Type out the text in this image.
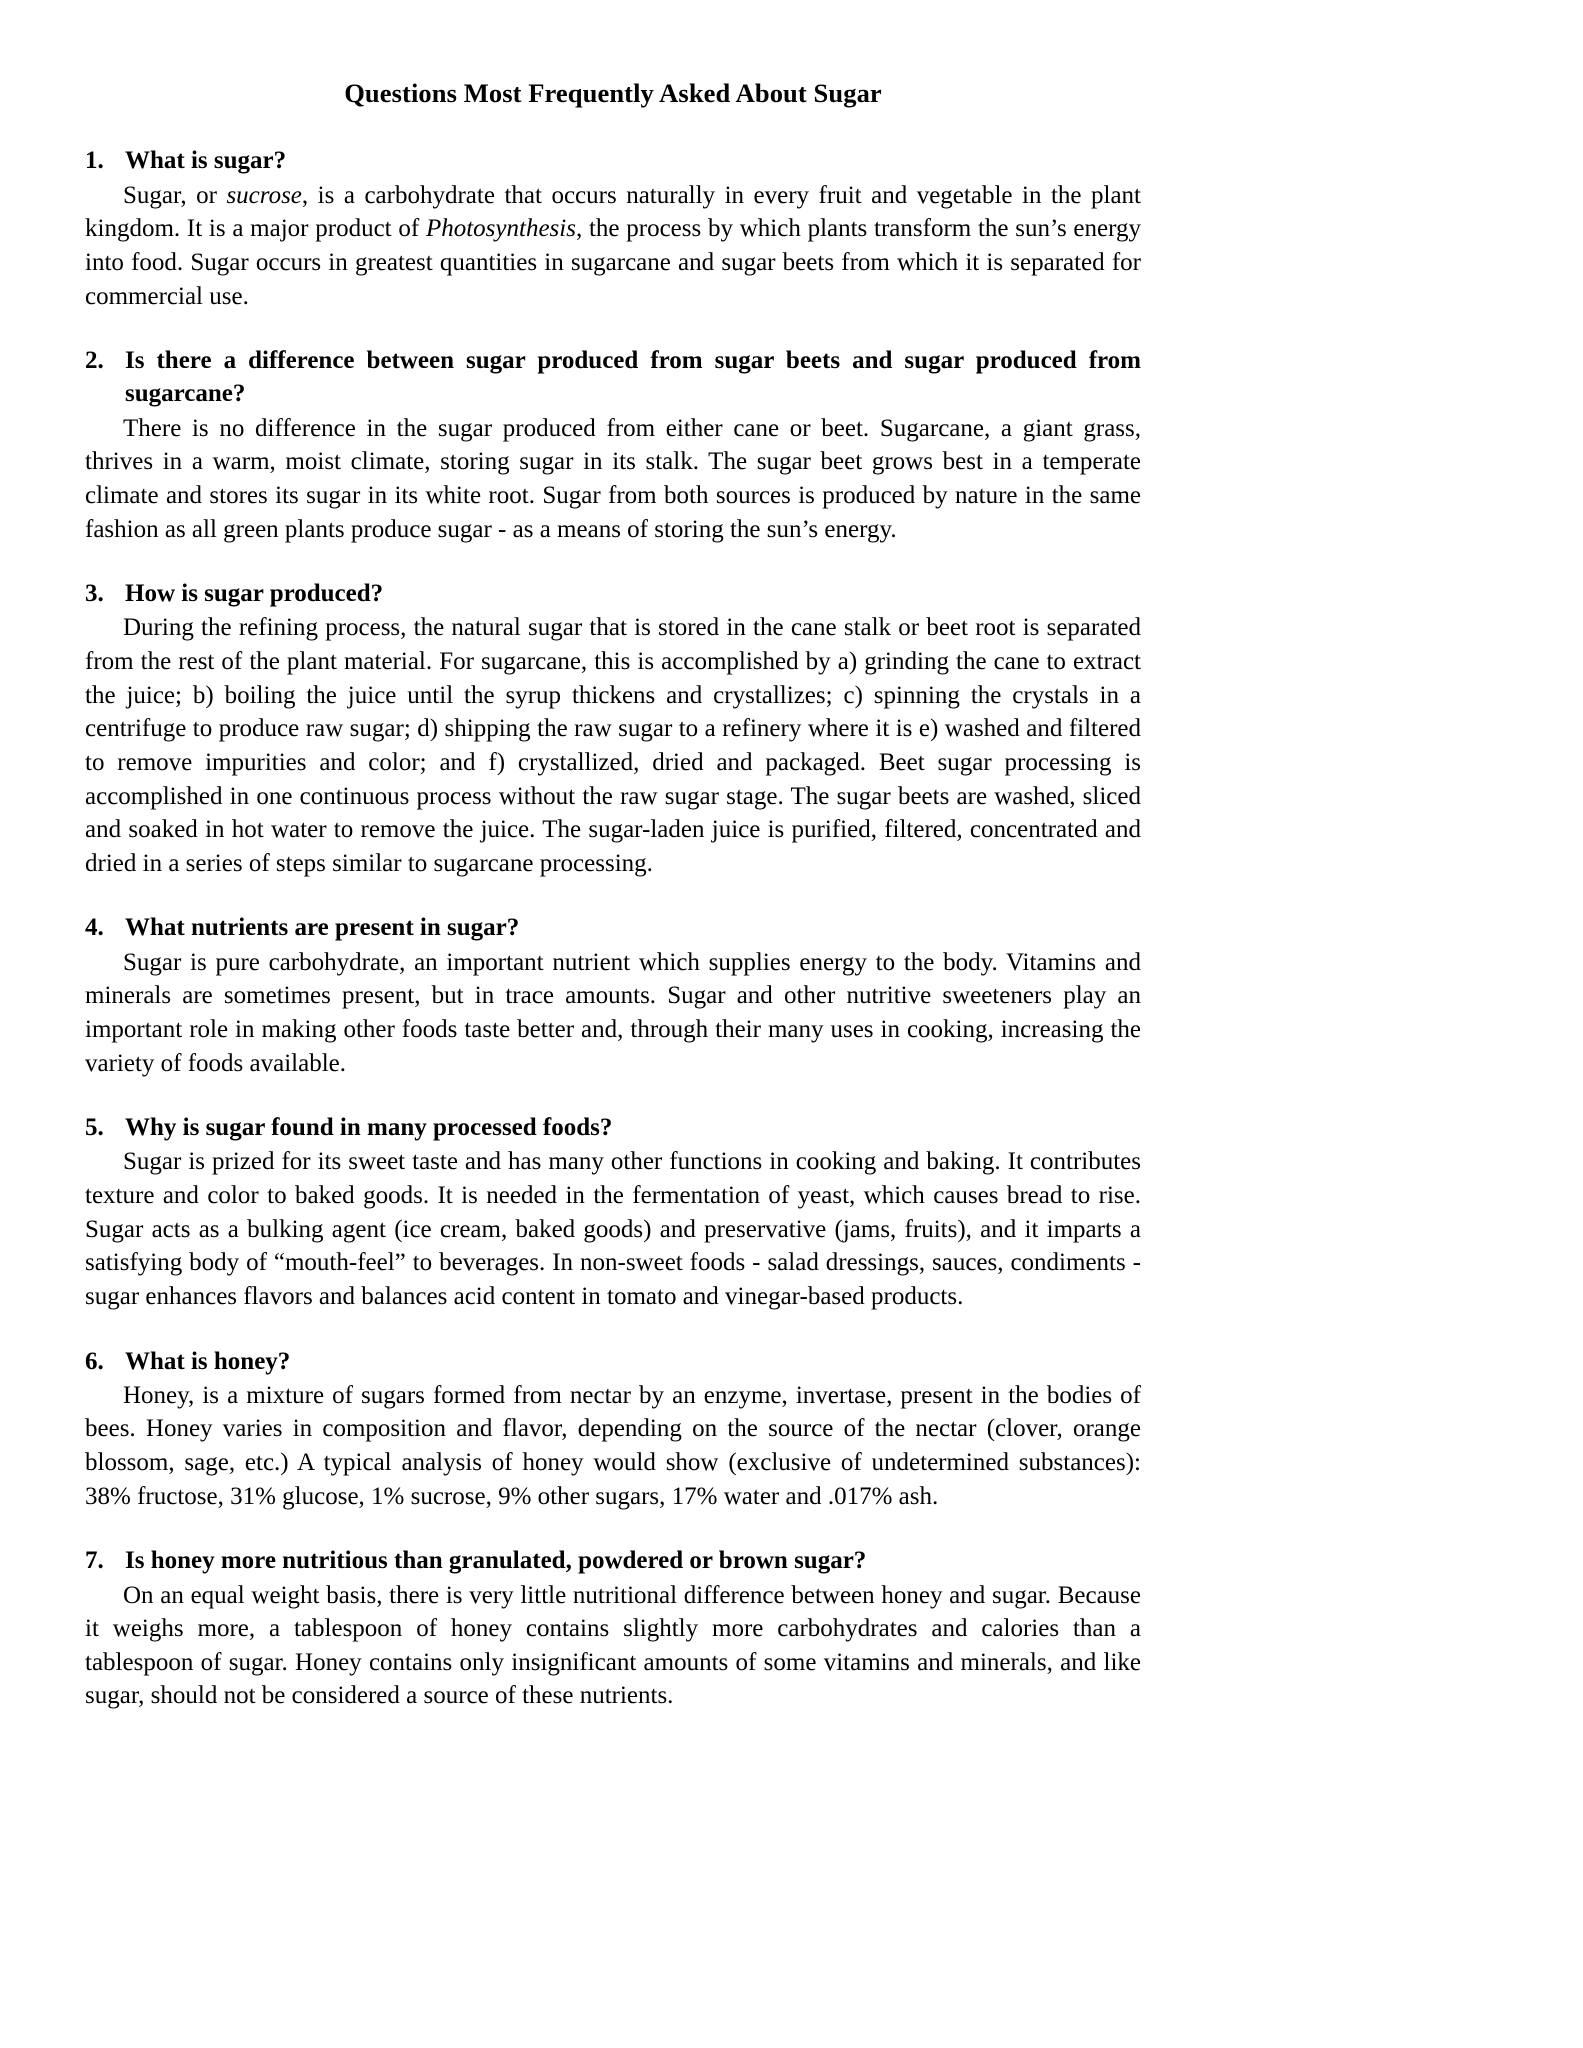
Questions Most Frequently Asked About Sugar

1. What is sugar?

Sugar, or sucrose, is a carbohydrate that occurs naturally in every fruit and vegetable in the plant kingdom. It is a major product of Photosynthesis, the process by which plants transform the sun’s energy into food. Sugar occurs in greatest quantities in sugarcane and sugar beets from which it is separated for commercial use.

2. Is there a difference between sugar produced from sugar beets and sugar produced from sugarcane?

There is no difference in the sugar produced from either cane or beet. Sugarcane, a giant grass, thrives in a warm, moist climate, storing sugar in its stalk. The sugar beet grows best in a temperate climate and stores its sugar in its white root. Sugar from both sources is produced by nature in the same fashion as all green plants produce sugar - as a means of storing the sun’s energy.

3. How is sugar produced?

During the refining process, the natural sugar that is stored in the cane stalk or beet root is separated from the rest of the plant material. For sugarcane, this is accomplished by a) grinding the cane to extract the juice; b) boiling the juice until the syrup thickens and crystallizes; c) spinning the crystals in a centrifuge to produce raw sugar; d) shipping the raw sugar to a refinery where it is e) washed and filtered to remove impurities and color; and f) crystallized, dried and packaged. Beet sugar processing is accomplished in one continuous process without the raw sugar stage. The sugar beets are washed, sliced and soaked in hot water to remove the juice. The sugar-laden juice is purified, filtered, concentrated and dried in a series of steps similar to sugarcane processing.

4. What nutrients are present in sugar?

Sugar is pure carbohydrate, an important nutrient which supplies energy to the body. Vitamins and minerals are sometimes present, but in trace amounts. Sugar and other nutritive sweeteners play an important role in making other foods taste better and, through their many uses in cooking, increasing the variety of foods available.

5. Why is sugar found in many processed foods?

Sugar is prized for its sweet taste and has many other functions in cooking and baking. It contributes texture and color to baked goods. It is needed in the fermentation of yeast, which causes bread to rise. Sugar acts as a bulking agent (ice cream, baked goods) and preservative (jams, fruits), and it imparts a satisfying body of “mouth-feel” to beverages. In non-sweet foods - salad dressings, sauces, condiments - sugar enhances flavors and balances acid content in tomato and vinegar-based products.

6. What is honey?

Honey, is a mixture of sugars formed from nectar by an enzyme, invertase, present in the bodies of bees. Honey varies in composition and flavor, depending on the source of the nectar (clover, orange blossom, sage, etc.) A typical analysis of honey would show (exclusive of undetermined substances): 38% fructose, 31% glucose, 1% sucrose, 9% other sugars, 17% water and .017% ash.

7. Is honey more nutritious than granulated, powdered or brown sugar?

On an equal weight basis, there is very little nutritional difference between honey and sugar. Because it weighs more, a tablespoon of honey contains slightly more carbohydrates and calories than a tablespoon of sugar. Honey contains only insignificant amounts of some vitamins and minerals, and like sugar, should not be considered a source of these nutrients.
